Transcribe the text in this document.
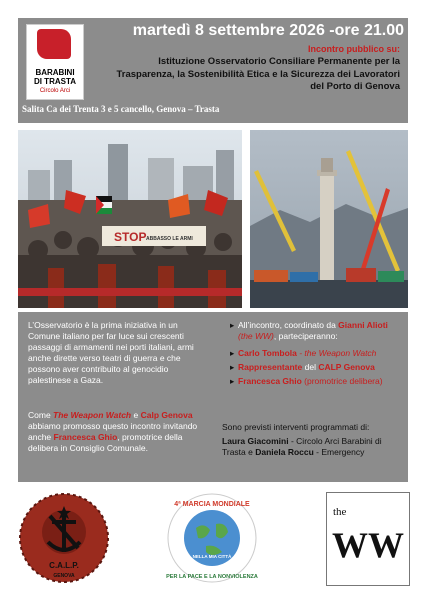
BARABINI
DI TRASTA
Circolo Arci
martedì 8 settembre 2026 -ore 21.00
Incontro pubblico su:
Istituzione Osservatorio Consiliare Permanente per la
Trasparenza, la Sostenibilità Etica e la Sicurezza dei Lavoratori
del Porto di Genova
Salita Ca dei Trenta 3 e 5 cancello, Genova – Trasta
STOP ABBASSO LE ARMI
L’Osservatorio è la prima iniziativa in un Comune italiano per far luce sui crescenti passaggi di armamenti nei porti italiani, armi anche dirette verso teatri di guerra e che possono aver contribuito al genocidio palestinese a Gaza.
Come The Weapon Watch e Calp Genova abbiamo promosso questo incontro invitando anche Francesca Ghio, promotrice della delibera in Consiglio Comunale.
▸ All’incontro, coordinato da Gianni Alioti (the WW), parteciperanno:
▸ Carlo Tombola - the Weapon Watch
▸ Rappresentante del CALP Genova
▸ Francesca Ghio (promotrice delibera)
Sono previsti interventi programmati di:
Laura Giacomini - Circolo Arci Barabini di Trasta e Daniela Roccu - Emergency
C.A.L.P.
GENOVA
4ª MARCIA MONDIALE
PER LA PACE E LA NONVIOLENZA
NELLA MIA CITTÀ
the
WW
